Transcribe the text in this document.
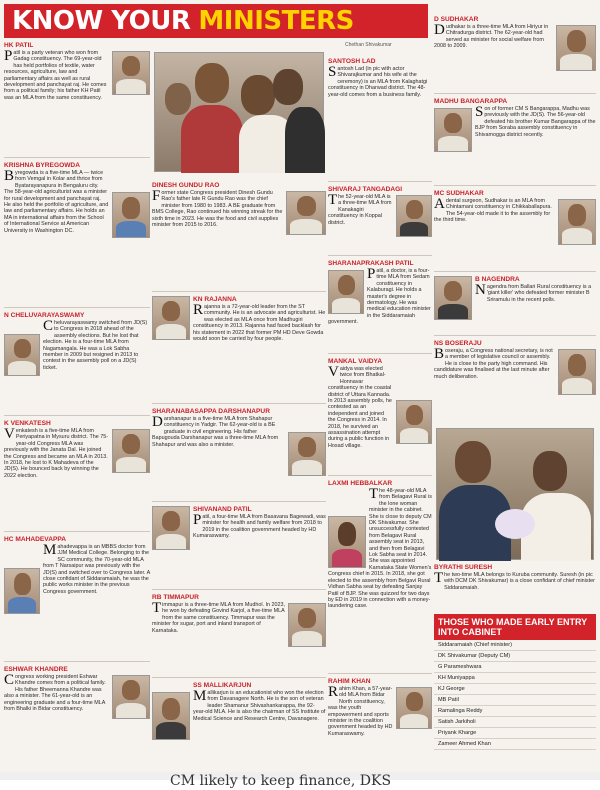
KNOW YOUR MINISTERS
Chethan Shivakumar
HK PATIL
Patil is a party veteran who won from Gadag constituency. The 69-year-old has held portfolios of textile, water resources, agriculture, law and parliamentary affairs as well as rural development and panchayat raj. He comes from a political family; his father KH Patil was an MLA from the same constituency.
KRISHNA BYREGOWDA
Byregowda is a five-time MLA — twice from Vemgal in Kolar and thrice from Byatarayanapura in Bengaluru city. The 58-year-old agriculturist was a minister for rural development and panchayat raj. He also held the portfolio of agriculture, and law and parliamentary affairs. He holds an MA in international affairs from the School of International Service at American University in Washington DC.
N CHELUVARAYASWAMY
Cheluvarayaswamy switched from JD(S) to Congress in 2018 ahead of the assembly elections. But he lost that election. He is a four-time MLA from Nagamangala. He was a Lok Sabha member in 2009 but resigned in 2013 to contest in the assembly poll on a JD(S) ticket.
K VENKATESH
Venkatesh is a five-time MLA from Periyapatna in Mysuru district. The 75-year-old Congress MLA was previously with the Janata Dal. He joined the Congress and became an MLA in 2013. In 2018, he lost to K Mahadeva of the JD(S). He bounced back by winning the 2022 election.
HC MAHADEVAPPA
Mahadevappa is an MBBS doctor from JJM Medical College. Belonging to the SC community, the 70-year-old MLA from T Narsaipur was previously with the JD(S) and switched over to Congress later. A close confidant of Siddaramaiah, he was the public works minister in the previous Congress government.
ESHWAR KHANDRE
Congress working president Eshwar Khandre comes from a political family. His father Bheemanna Khandre was also a minister. The 61-year-old is an engineering graduate and a four-time MLA from Bhalki in Bidar constituency.
DINESH GUNDU RAO
Former state Congress president Dinesh Gundu Rao's father late R Gundu Rao was the chief minister from 1980 to 1983. A BE graduate from BMS College, Rao continued his winning streak for the sixth time in 2023. He was the food and civil supplies minister from 2015 to 2016.
KN RAJANNA
Rajanna is a 72-year-old leader from the ST community. He is an advocate and agriculturist. He was elected as MLA once from Madhugiri constituency in 2013. Rajanna had faced backlash for his statement in 2022 that former PM HD Deve Gowda would soon be carried by four people.
SHARANABASAPPA DARSHANAPUR
Darshanapur is a five-time MLA from Shahapur constituency in Yadgir. The 62-year-old is a BE graduate in civil engineering. His father Bapugouda Darshanapur was a three-time MLA from Shahapur and was also a minister.
SHIVANAND PATIL
Patil, a four-time MLA from Basavana Bagewadi, was minister for health and family welfare from 2018 to 2019 in the coalition government headed by HD Kumaraswamy.
RB TIMMAPUR
Timmapur is a three-time MLA from Mudhol. In 2023, he won by defeating Govind Karjol, a five-time MLA from the same constituency. Timmapur was the minister for sugar, port and inland transport of Karnataka.
SS MALLIKARJUN
Mallikarjun is an educationist who won the election from Davanagere North. He is the son of veteran leader Shamanur Shivashankarappa, the 92-year-old MLA. He is also the chairman of SS Institute of Medical Science and Research Centre, Davanagere.
SANTOSH LAD
Santosh Lad (in pic with actor Shivarajkumar and his wife at the ceremony) is an MLA from Kalaghatgi constituency in Dharwad district. The 48-year-old comes from a business family.
SHIVARAJ TANGADAGI
The 52-year-old MLA is a three-time MLA from Kanakagiri constituency in Koppal district.
SHARANAPRAKASH PATIL
Patil, a doctor, is a four-time MLA from Sedam constituency in Kalaburagi. He holds a master's degree in dermatology. He was medical education minister in the Siddaramaiah government.
MANKAL VAIDYA
Vaidya was elected twice from Bhatkal-Honnavar constituency in the coastal district of Uttara Kannada. In 2013 assembly polls, he contested as an independent and joined the Congress in 2014. In 2018, he survived an assassination attempt during a public function in Hosad village.
LAXMI HEBBALKAR
The 48-year-old MLA from Belagavi Rural is the lone woman minister in the cabinet. She is close to deputy CM DK Shivakumar. She unsuccessfully contested from Belagavi Rural assembly seat in 2013, and then from Belagavi Lok Sabha seat in 2014. She was appointed Karnataka State Women's Congress chief in 2015. In 2018, she got elected to the assembly from Belgavi Rural Vidhan Sabha seat by defeating Sanjay Patil of BJP. She was quizzed for two days by ED in 2019 in connection with a money-laundering case.
RAHIM KHAN
Rahim Khan, a 57-year-old MLA from Bidar North constituency, was the youth empowerment and sports minister in the coalition government headed by HD Kumaraswamy.
D SUDHAKAR
Dudhakar is a three-time MLA from Hiriyur in Chitradurga district. The 62-year-old had served as minister for social welfare from 2008 to 2009.
MADHU BANGARAPPA
Son of former CM S Bangarappa, Madhu was previously with the JD(S). The 56-year-old defeated his brother Kumar Bangarappa of the BJP from Soraba assembly constituency in Shivamogga district recently.
MC SUDHAKAR
A dental surgeon, Sudhakar is an MLA from Chintamani constituency in Chikkaballapura. The 54-year-old made it to the assembly for the third time.
B NAGENDRA
Nagendra from Ballari Rural constituency is a 'giant killer' who defeated former minister B Sriramulu in the recent polls.
NS BOSERAJU
Boseraju, a Congress national secretary, is not a member of legislative council or assembly. He is close to the party high command. His candidature was finalised at the last minute after much deliberation.
BYRATHI SURESH
The two-time MLA belongs to Kuruba community. Suresh (in pic with DCM DK Shivakumar) is a close confidant of chief minister Siddaramaiah.
THOSE WHO MADE EARLY ENTRY INTO CABINET
Siddaramaiah (Chief minister)
DK Shivakumar (Deputy CM)
G Parameshwara
KH Muniyappa
KJ George
MB Patil
Ramalinga Reddy
Satish Jarkiholi
Priyank Kharge
Zameer Ahmed Khan
CM likely to keep finance, DKS
